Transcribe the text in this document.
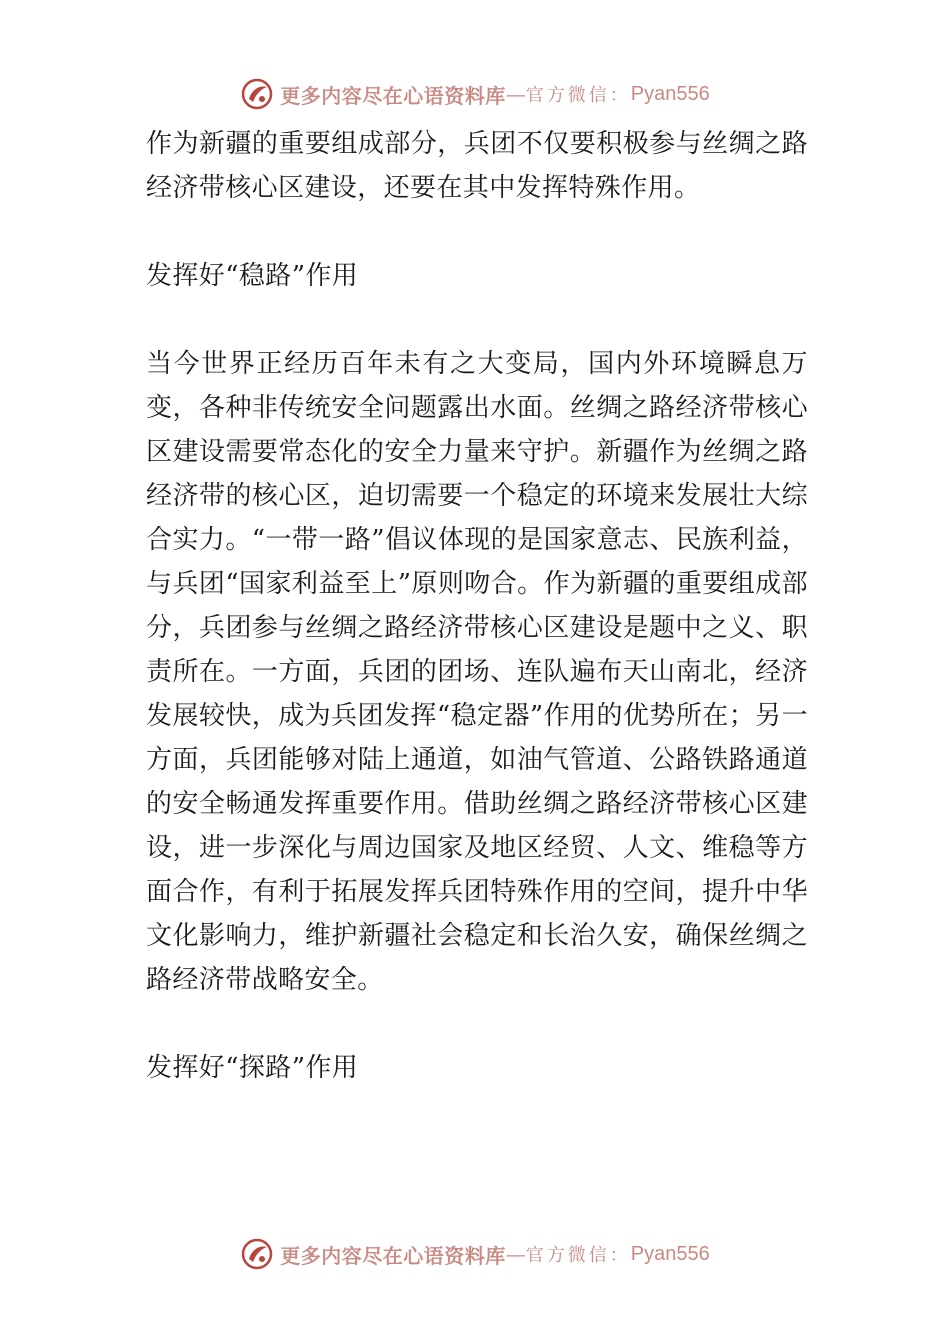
更多内容尽在心语资料库 — 官方微信： Pyan556

作为新疆的重要组成部分，兵团不仅要积极参与丝绸之路经济带核心区建设，还要在其中发挥特殊作用。

发挥好“稳路”作用

当今世界正经历百年未有之大变局，国内外环境瞬息万变，各种非传统安全问题露出水面。丝绸之路经济带核心区建设需要常态化的安全力量来守护。新疆作为丝绸之路经济带的核心区，迫切需要一个稳定的环境来发展壮大综合实力。“一带一路”倡议体现的是国家意志、民族利益，与兵团“国家利益至上”原则吻合。作为新疆的重要组成部分，兵团参与丝绸之路经济带核心区建设是题中之义、职责所在。一方面，兵团的团场、连队遍布天山南北，经济发展较快，成为兵团发挥“稳定器”作用的优势所在；另一方面，兵团能够对陆上通道，如油气管道、公路铁路通道的安全畅通发挥重要作用。借助丝绸之路经济带核心区建设，进一步深化与周边国家及地区经贸、人文、维稳等方面合作，有利于拓展发挥兵团特殊作用的空间，提升中华文化影响力，维护新疆社会稳定和长治久安，确保丝绸之路经济带战略安全。

发挥好“探路”作用

更多内容尽在心语资料库 — 官方微信： Pyan556
